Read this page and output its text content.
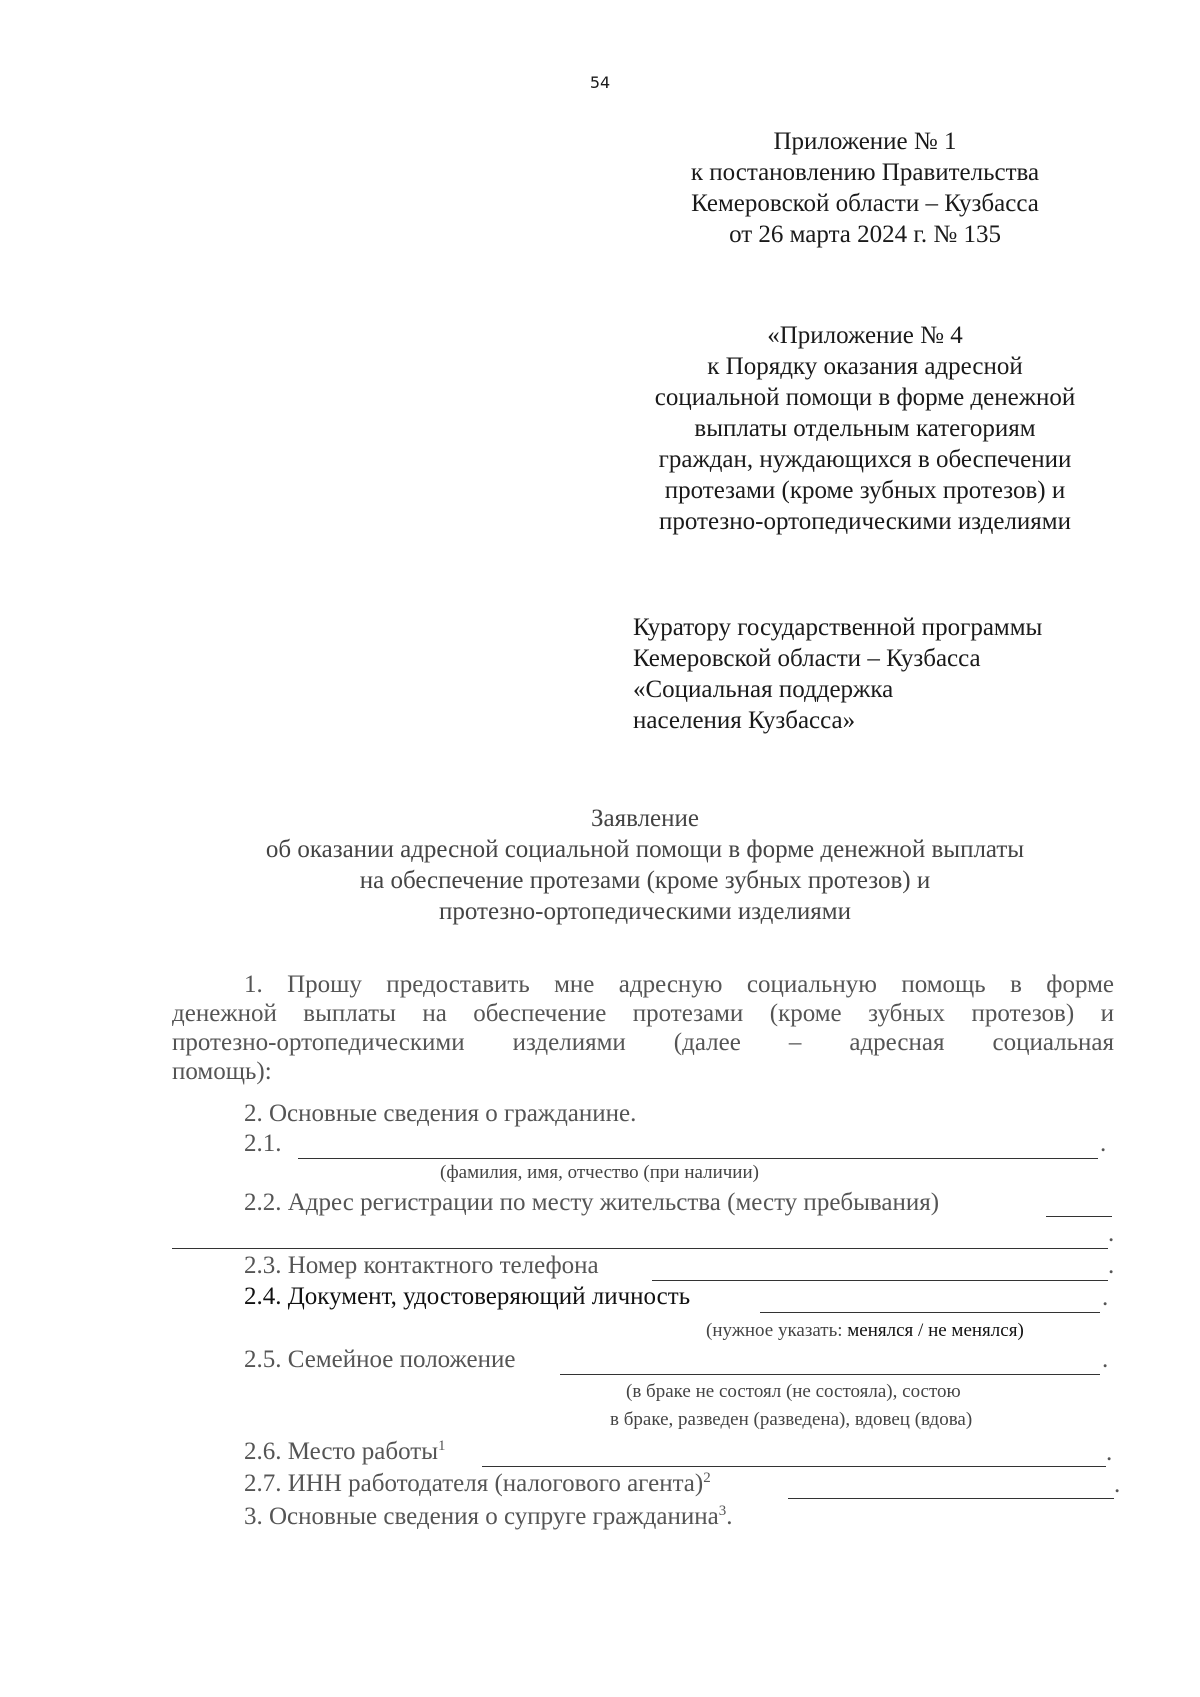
54
Приложение № 1
к постановлению Правительства
Кемеровской области – Кузбасса
от 26 марта 2024 г. № 135
«Приложение № 4
к Порядку оказания адресной
социальной помощи в форме денежной
выплаты отдельным категориям
граждан, нуждающихся в обеспечении
протезами (кроме зубных протезов) и
протезно-ортопедическими изделиями
Куратору государственной программы
Кемеровской области – Кузбасса
«Социальная поддержка
населения Кузбасса»
Заявление
об оказании адресной социальной помощи в форме денежной выплаты
на обеспечение протезами (кроме зубных протезов) и
протезно-ортопедическими изделиями
1. Прошу предоставить мне адресную социальную помощь в форме
денежной выплаты на обеспечение протезами (кроме зубных протезов) и
протезно-ортопедическими изделиями (далее – адресная социальная
помощь):
2. Основные сведения о гражданине.
2.1.	.
(фамилия, имя, отчество (при наличии)
2.2. Адрес регистрации по месту жительства (месту пребывания)
.
2.3. Номер контактного телефона	.
2.4. Документ, удостоверяющий личность	.
(нужное указать: менялся / не менялся)
2.5. Семейное положение	.
(в браке не состоял (не состояла), состою
в браке, разведен (разведена), вдовец (вдова)
2.6. Место работы$^1$	.
2.7. ИНН работодателя (налогового агента)$^2$	.
3. Основные сведения о супруге гражданина$^3$.
